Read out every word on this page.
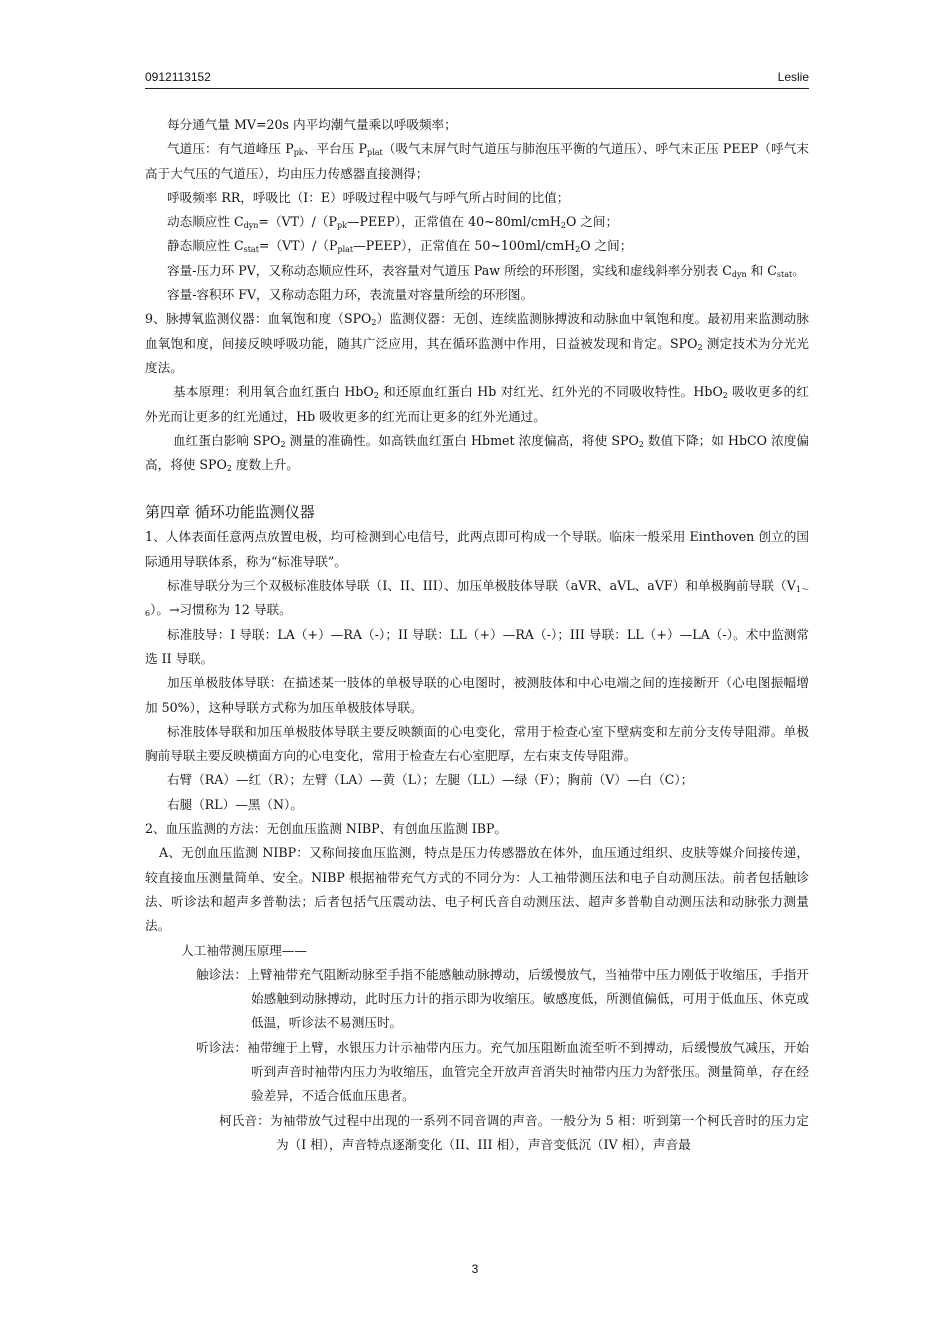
0912113152	Leslie

每分通气量 MV=20s 内平均潮气量乘以呼吸频率；

气道压：有气道峰压 $P_{pk}$、平台压 $P_{plat}$（吸气末屏气时气道压与肺泡压平衡的气道压）、呼气末正压 PEEP（呼气末高于大气压的气道压），均由压力传感器直接测得；

呼吸频率 RR，呼吸比（I：E）呼吸过程中吸气与呼气所占时间的比值；

动态顺应性 $C_{dyn}=(VT)/(P_{pk}—PEEP)$，正常值在 40~80ml/cmH$_2$O 之间；

静态顺应性 $C_{stat}=(VT)/(P_{plat}—PEEP)$，正常值在 50~100ml/cmH$_2$O 之间；

容量-压力环 PV，又称动态顺应性环，表容量对气道压 Paw 所绘的环形图，实线和虚线斜率分别表 $C_{dyn}$ 和 $C_{stat}$。

容量-容积环 FV，又称动态阻力环，表流量对容量所绘的环形图。

9、脉搏氧监测仪器：血氧饱和度$(SPO_2)$监测仪器：无创、连续监测脉搏波和动脉血中氧饱和度。最初用来监测动脉血氧饱和度，间接反映呼吸功能，随其广泛应用，其在循环监测中作用，日益被发现和肯定。$SPO_2$ 测定技术为分光光度法。

基本原理：利用氧合血红蛋白 HbO$_2$ 和还原血红蛋白 Hb 对红光、红外光的不同吸收特性。HbO$_2$ 吸收更多的红外光而让更多的红光通过，Hb 吸收更多的红光而让更多的红外光通过。

血红蛋白影响 $SPO_2$ 测量的准确性。如高铁血红蛋白 Hbmet 浓度偏高，将使 $SPO_2$ 数值下降；如 HbCO 浓度偏高，将使 $SPO_2$ 度数上升。

第四章 循环功能监测仪器

1、人体表面任意两点放置电极，均可检测到心电信号，此两点即可构成一个导联。临床一般采用 Einthoven 创立的国际通用导联体系，称为“标准导联”。

标准导联分为三个双极标准肢体导联（I、II、III）、加压单极肢体导联（aVR、aVL、aVF）和单极胸前导联$(V_{1\sim 6})$。→习惯称为 12 导联。

标准肢导：I 导联：LA（+）—RA（-）；II 导联：LL（+）—RA（-）；III 导联：LL（+）—LA（-）。术中监测常选 II 导联。

加压单极肢体导联：在描述某一肢体的单极导联的心电图时，被测肢体和中心电端之间的连接断开（心电图振幅增加 50%），这种导联方式称为加压单极肢体导联。

标准肢体导联和加压单极肢体导联主要反映额面的心电变化，常用于检查心室下壁病变和左前分支传导阻滞。单极胸前导联主要反映横面方向的心电变化，常用于检查左右心室肥厚，左右束支传导阻滞。

右臂（RA）—红（R）；左臂（LA）—黄（L）；左腿（LL）—绿（F）；胸前（V）—白（C）；

右腿（RL）—黑（N）。

2、血压监测的方法：无创血压监测 NIBP、有创血压监测 IBP。

A、无创血压监测 NIBP：又称间接血压监测，特点是压力传感器放在体外，血压通过组织、皮肤等媒介间接传递，较直接血压测量简单、安全。NIBP 根据袖带充气方式的不同分为：人工袖带测压法和电子自动测压法。前者包括触诊法、听诊法和超声多普勒法；后者包括气压震动法、电子柯氏音自动测压法、超声多普勒自动测压法和动脉张力测量法。

人工袖带测压原理——

触诊法：上臂袖带充气阻断动脉至手指不能感触动脉搏动，后缓慢放气，当袖带中压力刚低于收缩压，手指开始感触到动脉搏动，此时压力计的指示即为收缩压。敏感度低，所测值偏低，可用于低血压、休克或低温，听诊法不易测压时。

听诊法：袖带缠于上臂，水银压力计示袖带内压力。充气加压阻断血流至听不到搏动，后缓慢放气减压，开始听到声音时袖带内压力为收缩压，血管完全开放声音消失时袖带内压力为舒张压。测量简单，存在经验差异，不适合低血压患者。

柯氏音：为袖带放气过程中出现的一系列不同音调的声音。一般分为 5 相：听到第一个柯氏音时的压力定为（I 相），声音特点逐渐变化（II、III 相），声音变低沉（IV 相），声音最

3
